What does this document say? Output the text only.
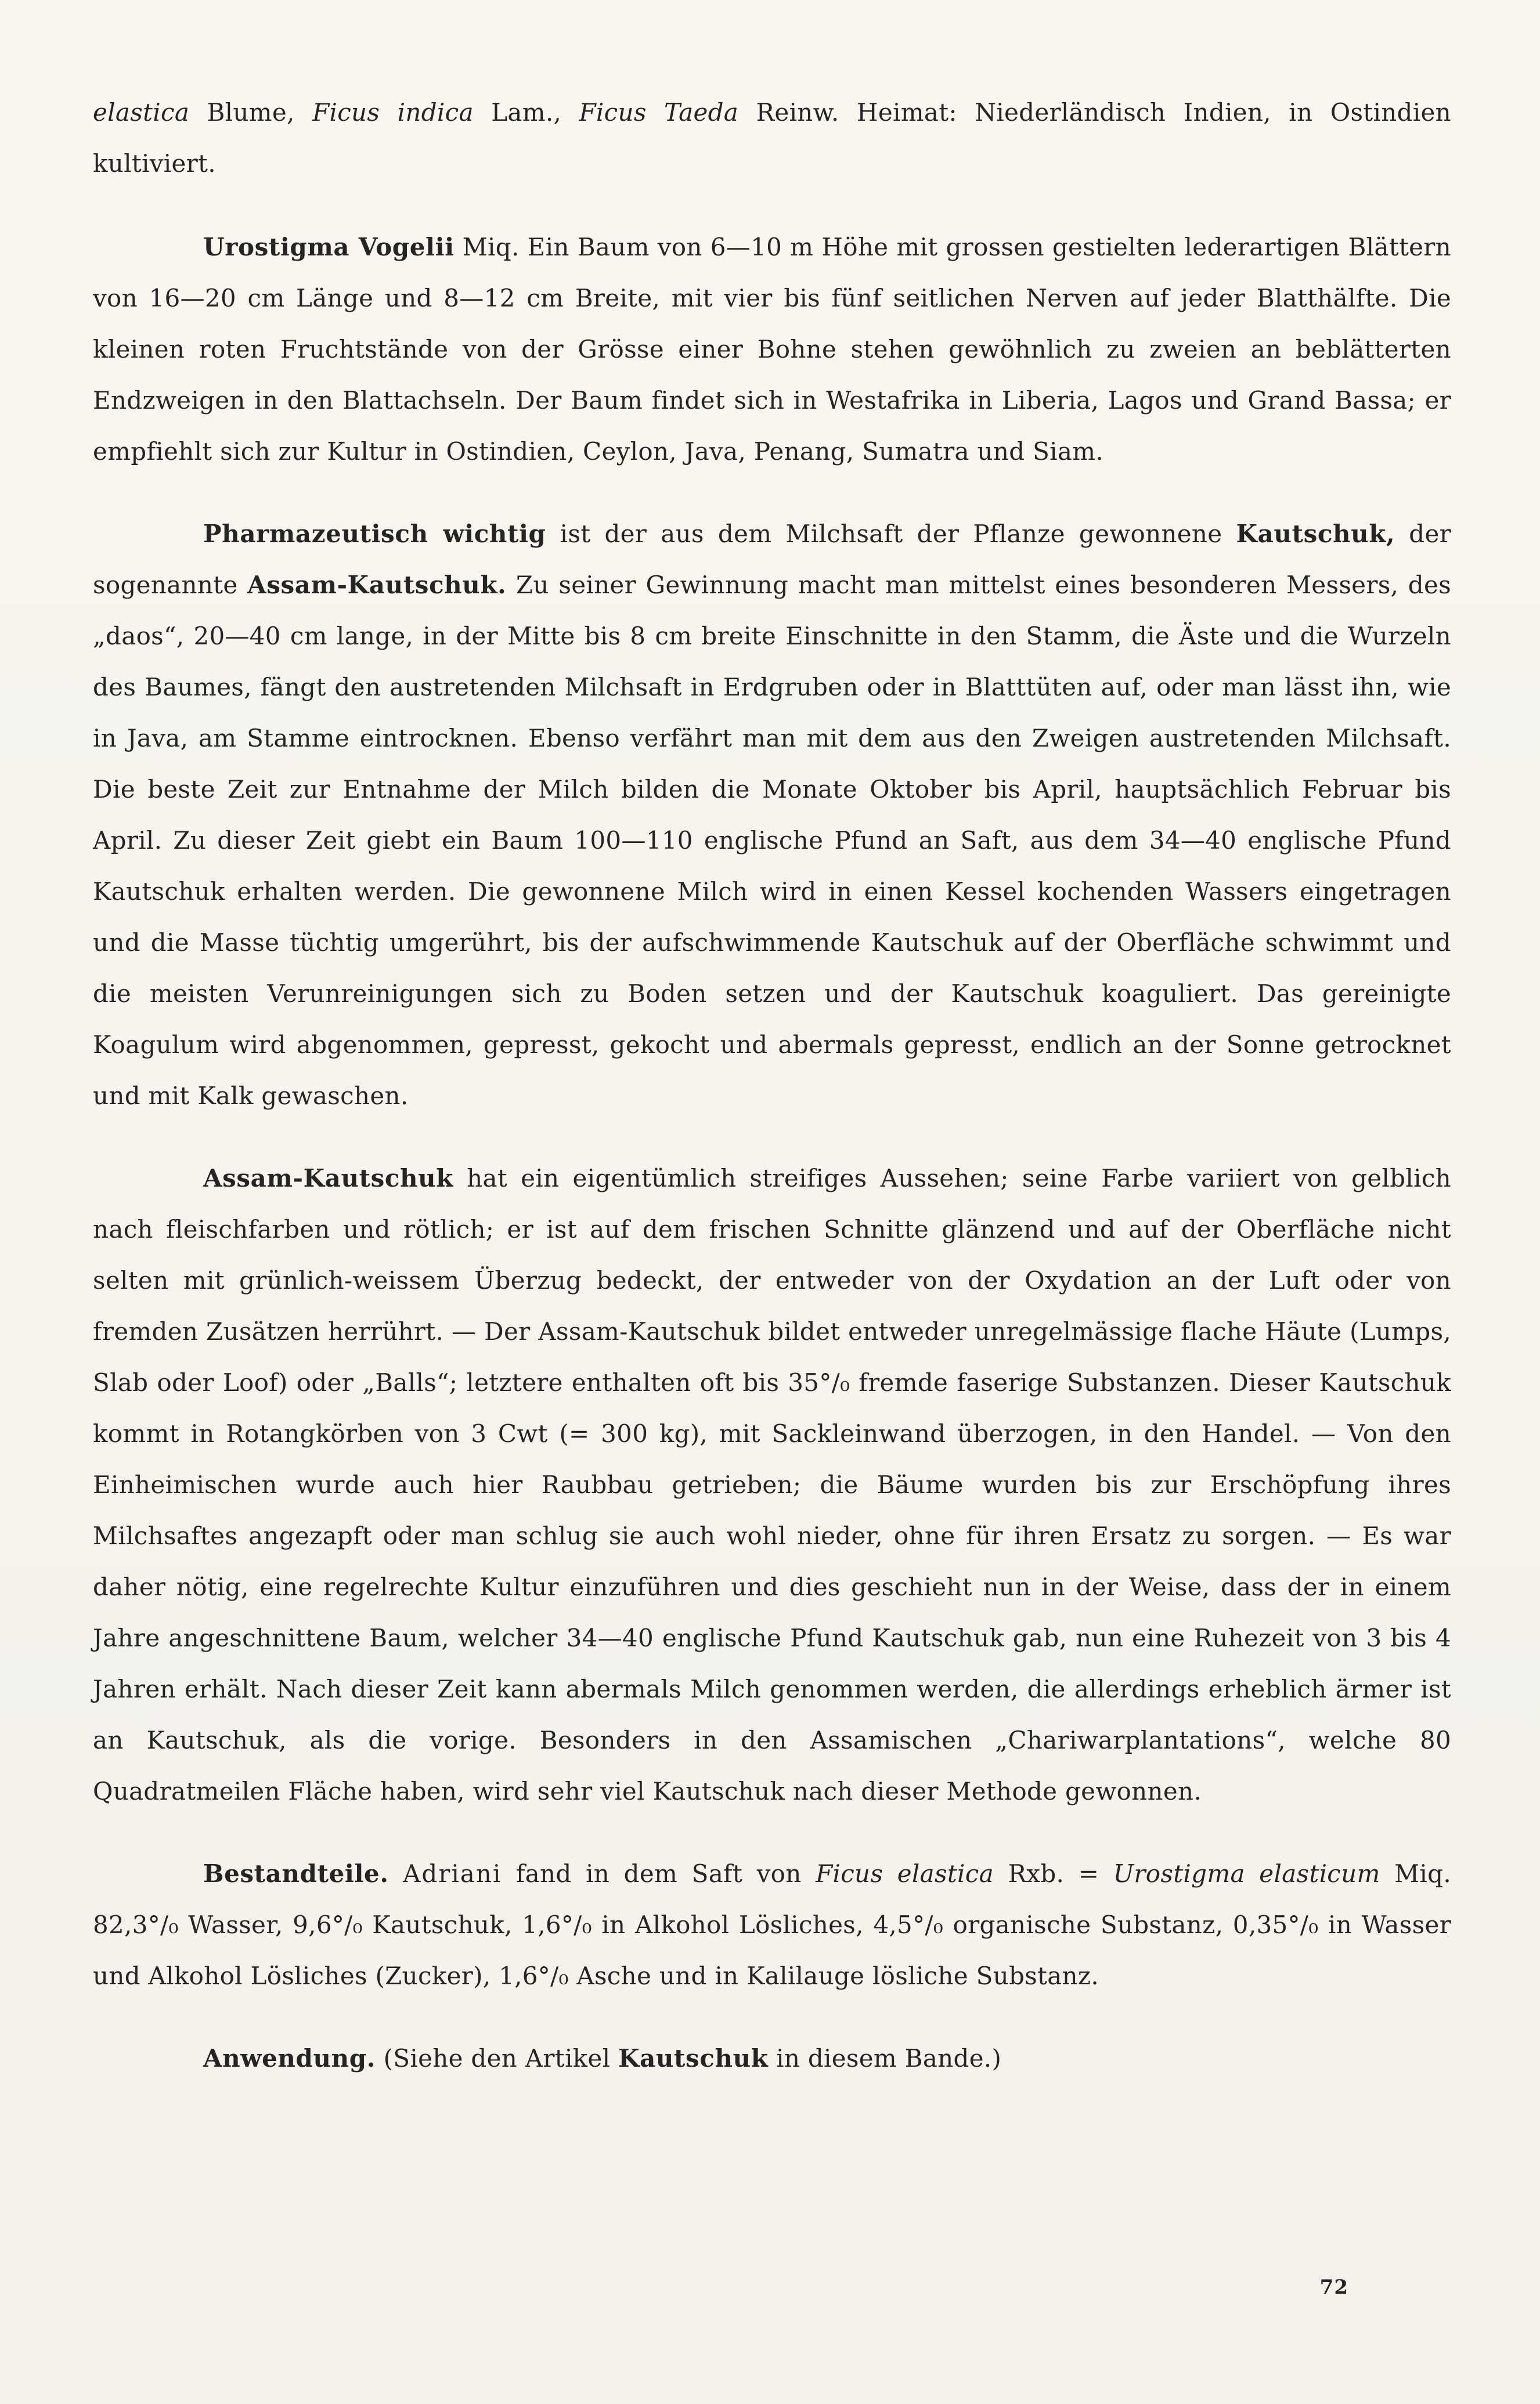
elastica Blume, Ficus indica Lam., Ficus Taeda Reinw. Heimat: Niederländisch Indien, in Ostindien kultiviert.

Urostigma Vogelii Miq. Ein Baum von 6—10 m Höhe mit grossen gestielten lederartigen Blättern von 16—20 cm Länge und 8—12 cm Breite, mit vier bis fünf seitlichen Nerven auf jeder Blatthälfte. Die kleinen roten Fruchtstände von der Grösse einer Bohne stehen gewöhnlich zu zweien an beblätterten Endzweigen in den Blattachseln. Der Baum findet sich in Westafrika in Liberia, Lagos und Grand Bassa; er empfiehlt sich zur Kultur in Ostindien, Ceylon, Java, Penang, Sumatra und Siam.

Pharmazeutisch wichtig ist der aus dem Milchsaft der Pflanze gewonnene Kautschuk, der sogenannte Assam-Kautschuk. Zu seiner Gewinnung macht man mittelst eines besonderen Messers, des „daos“, 20—40 cm lange, in der Mitte bis 8 cm breite Einschnitte in den Stamm, die Äste und die Wurzeln des Baumes, fängt den austretenden Milchsaft in Erdgruben oder in Blatttüten auf, oder man lässt ihn, wie in Java, am Stamme eintrocknen. Ebenso verfährt man mit dem aus den Zweigen austretenden Milchsaft. Die beste Zeit zur Entnahme der Milch bilden die Monate Oktober bis April, hauptsächlich Februar bis April. Zu dieser Zeit giebt ein Baum 100—110 englische Pfund an Saft, aus dem 34—40 englische Pfund Kautschuk erhalten werden. Die gewonnene Milch wird in einen Kessel kochenden Wassers eingetragen und die Masse tüchtig umgerührt, bis der aufschwimmende Kautschuk auf der Oberfläche schwimmt und die meisten Verunreinigungen sich zu Boden setzen und der Kautschuk koaguliert. Das gereinigte Koagulum wird abgenommen, gepresst, gekocht und abermals gepresst, endlich an der Sonne getrocknet und mit Kalk gewaschen.

Assam-Kautschuk hat ein eigentümlich streifiges Aussehen; seine Farbe variiert von gelblich nach fleischfarben und rötlich; er ist auf dem frischen Schnitte glänzend und auf der Oberfläche nicht selten mit grünlich-weissem Überzug bedeckt, der entweder von der Oxydation an der Luft oder von fremden Zusätzen herrührt. — Der Assam-Kautschuk bildet entweder unregelmässige flache Häute (Lumps, Slab oder Loof) oder „Balls“; letztere enthalten oft bis 35°/₀ fremde faserige Substanzen. Dieser Kautschuk kommt in Rotangkörben von 3 Cwt (= 300 kg), mit Sackleinwand überzogen, in den Handel. — Von den Einheimischen wurde auch hier Raubbau getrieben; die Bäume wurden bis zur Erschöpfung ihres Milchsaftes angezapft oder man schlug sie auch wohl nieder, ohne für ihren Ersatz zu sorgen. — Es war daher nötig, eine regelrechte Kultur einzuführen und dies geschieht nun in der Weise, dass der in einem Jahre angeschnittene Baum, welcher 34—40 englische Pfund Kautschuk gab, nun eine Ruhezeit von 3 bis 4 Jahren erhält. Nach dieser Zeit kann abermals Milch genommen werden, die allerdings erheblich ärmer ist an Kautschuk, als die vorige. Besonders in den Assamischen „Chariwarplantations“, welche 80 Quadratmeilen Fläche haben, wird sehr viel Kautschuk nach dieser Methode gewonnen.

Bestandteile. Adriani fand in dem Saft von Ficus elastica Rxb. = Urostigma elasticum Miq. 82,3°/₀ Wasser, 9,6°/₀ Kautschuk, 1,6°/₀ in Alkohol Lösliches, 4,5°/₀ organische Substanz, 0,35°/₀ in Wasser und Alkohol Lösliches (Zucker), 1,6°/₀ Asche und in Kalilauge lösliche Substanz.

Anwendung. (Siehe den Artikel Kautschuk in diesem Bande.)

72
